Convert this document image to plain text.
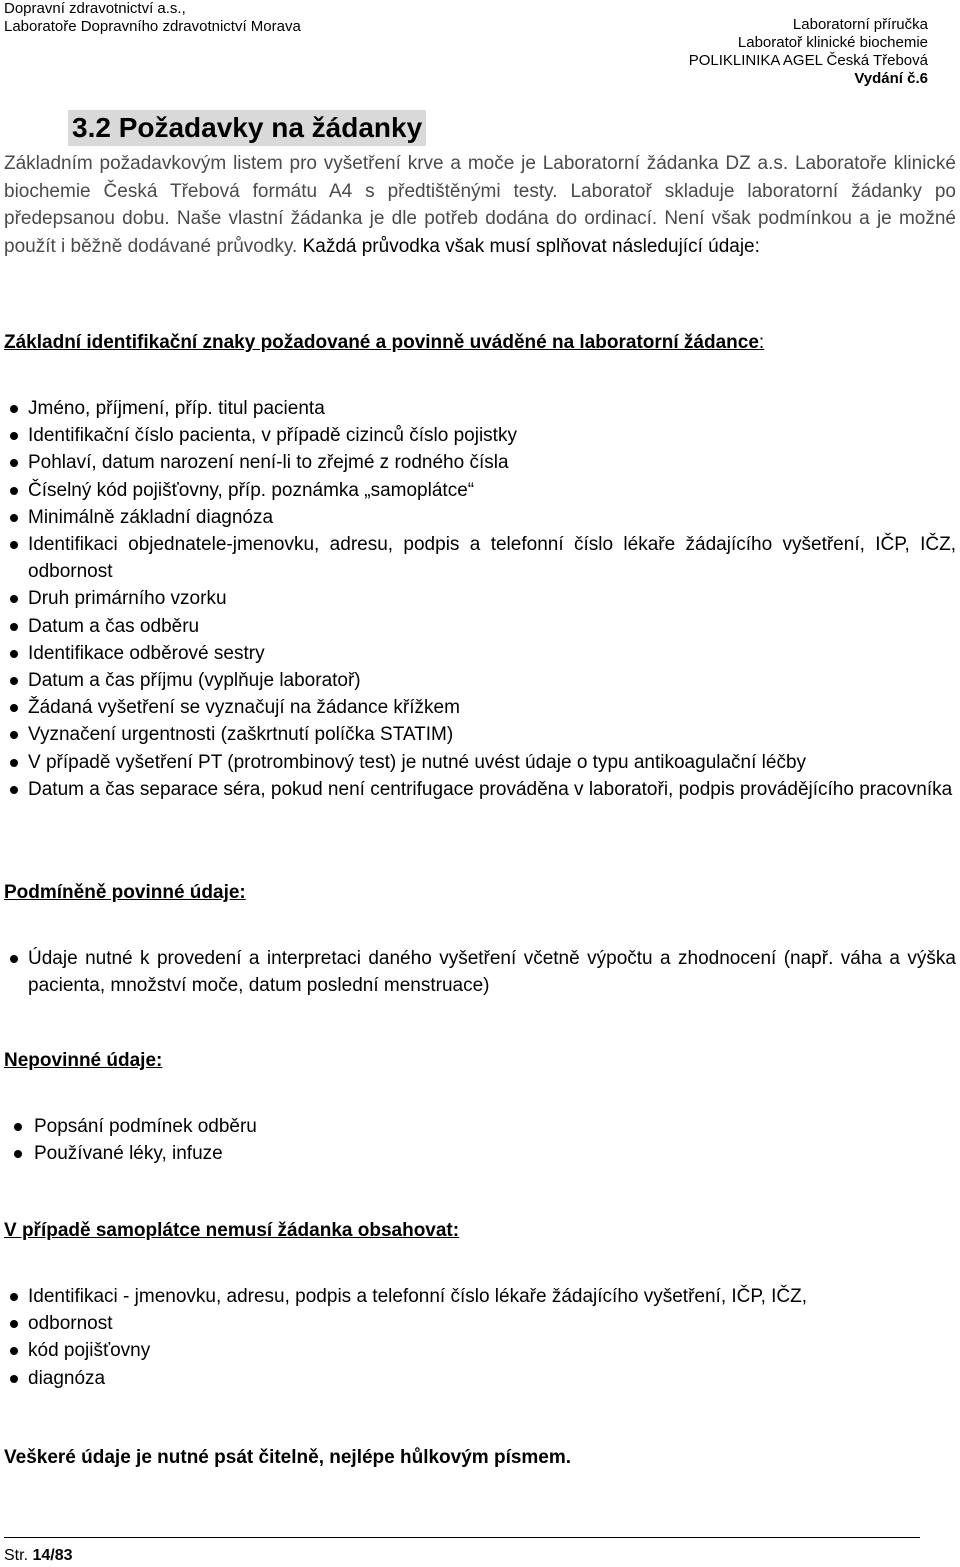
Dopravní zdravotnictví a.s.,
Laboratoře Dopravního zdravotnictví Morava	Laboratorní příručka
Laboratoř klinické biochemie
POLIKLINIKA AGEL Česká Třebová
Vydání č.6
3.2 Požadavky na žádanky

Základním požadavkovým listem pro vyšetření krve a moče je Laboratorní žádanka DZ a.s. Laboratoře klinické biochemie Česká Třebová formátu A4 s předtištěnými testy. Laboratoř skladuje laboratorní žádanky po předepsanou dobu. Naše vlastní žádanka je dle potřeb dodána do ordinací. Není však podmínkou a je možné použít i běžně dodávané průvodky. Každá průvodka však musí splňovat následující údaje:

Základní identifikační znaky požadované a povinně uváděné na laboratorní žádance:

Jméno, příjmení, příp. titul pacienta
Identifikační číslo pacienta, v případě cizinců číslo pojistky
Pohlaví, datum narození není-li to zřejmé z rodného čísla
Číselný kód pojišťovny, příp. poznámka „samoplátce“
Minimálně základní diagnóza
Identifikaci objednatele-jmenovku, adresu, podpis a telefonní číslo lékaře žádajícího vyšetření, IČP, IČZ, odbornost
Druh primárního vzorku
Datum a čas odběru
Identifikace odběrové sestry
Datum a čas příjmu (vyplňuje laboratoř)
Žádaná vyšetření se vyznačují na žádance křížkem
Vyznačení urgentnosti (zaškrtnutí políčka STATIM)
V případě vyšetření PT (protrombinový test) je nutné uvést údaje o typu antikoagulační léčby
Datum a čas separace séra, pokud není centrifugace prováděna v laboratoři, podpis provádějícího pracovníka

Podmíněně povinné údaje:

Údaje nutné k provedení a interpretaci daného vyšetření včetně výpočtu a zhodnocení (např. váha a výška pacienta, množství moče, datum poslední menstruace)

Nepovinné údaje:

Popsání podmínek odběru
Používané léky, infuze

V případě samoplátce nemusí žádanka obsahovat:

Identifikaci - jmenovku, adresu, podpis a telefonní číslo lékaře žádajícího vyšetření, IČP, IČZ,
odbornost
kód pojišťovny
diagnóza

Veškeré údaje je nutné psát čitelně, nejlépe hůlkovým písmem.

Str. 14/83
